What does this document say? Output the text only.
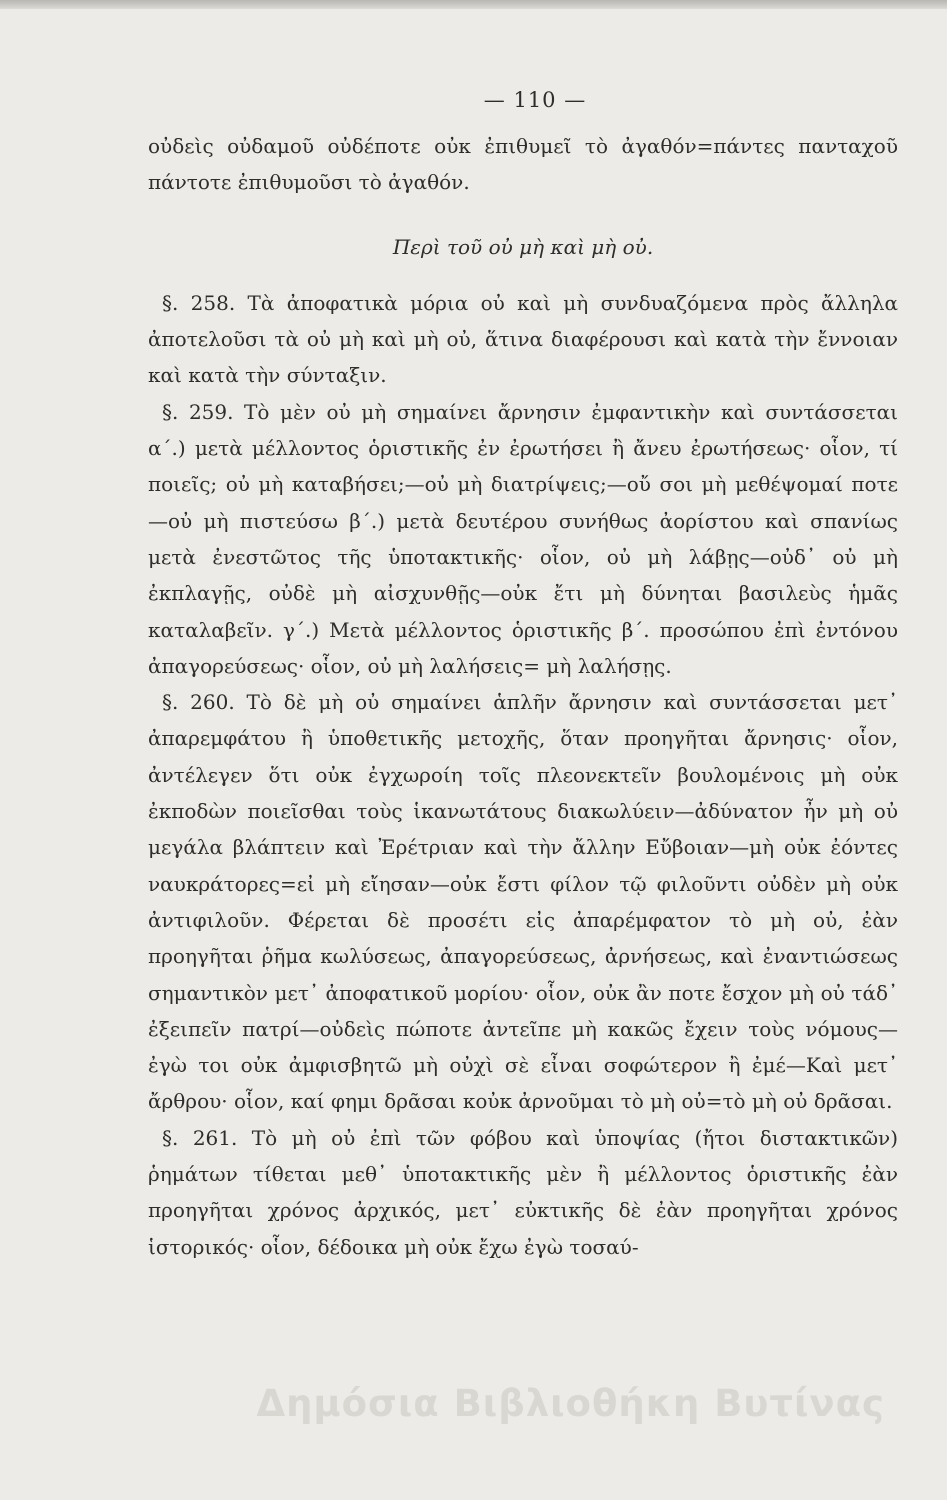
— 110 —

οὐδεὶς οὐδαμοῦ οὐδέποτε οὐκ ἐπιθυμεῖ τὸ ἀγαθόν=πάντες πανταχοῦ πάντοτε ἐπιθυμοῦσι τὸ ἀγαθόν.

Περὶ τοῦ οὐ μὴ καὶ μὴ οὐ.

§. 258. Τὰ ἀποφατικὰ μόρια οὐ καὶ μὴ συνδυαζόμενα πρὸς ἄλληλα ἀποτελοῦσι τὰ οὐ μὴ καὶ μὴ οὐ, ἅτινα διαφέρουσι καὶ κατὰ τὴν ἔννοιαν καὶ κατὰ τὴν σύνταξιν.

§. 259. Τὸ μὲν οὐ μὴ σημαίνει ἄρνησιν ἐμφαντικὴν καὶ συντάσσεται α΄.) μετὰ μέλλοντος ὁριστικῆς ἐν ἐρωτήσει ἢ ἄνευ ἐρωτήσεως· οἷον, τί ποιεῖς; οὐ μὴ καταβήσει;—οὐ μὴ διατρίψεις;—οὔ σοι μὴ μεθέψομαί ποτε—οὐ μὴ πιστεύσω β΄.) μετὰ δευτέρου συνήθως ἀορίστου καὶ σπανίως μετὰ ἐνεστῶτος τῆς ὑποτακτικῆς· οἷον, οὐ μὴ λάβῃς—οὐδ᾽ οὐ μὴ ἐκπλαγῇς, οὐδὲ μὴ αἰσχυνθῇς—οὐκ ἔτι μὴ δύνηται βασιλεὺς ἡμᾶς καταλαβεῖν. γ΄.) Μετὰ μέλλοντος ὁριστικῆς β΄. προσώπου ἐπὶ ἐντόνου ἀπαγορεύσεως· οἷον, οὐ μὴ λαλήσεις= μὴ λαλήσῃς.

§. 260. Τὸ δὲ μὴ οὐ σημαίνει ἁπλῆν ἄρνησιν καὶ συντάσσεται μετ᾽ ἀπαρεμφάτου ἢ ὑποθετικῆς μετοχῆς, ὅταν προηγῆται ἄρνησις· οἷον, ἀντέλεγεν ὅτι οὐκ ἐγχωροίη τοῖς πλεονεκτεῖν βουλομένοις μὴ οὐκ ἐκποδὼν ποιεῖσθαι τοὺς ἱκανωτάτους διακωλύειν—ἀδύνατον ἦν μὴ οὐ μεγάλα βλάπτειν καὶ Ἐρέτριαν καὶ τὴν ἄλλην Εὔβοιαν—μὴ οὐκ ἐόντες ναυκράτορες=εἰ μὴ εἴησαν—οὐκ ἔστι φίλον τῷ φιλοῦντι οὐδὲν μὴ οὐκ ἀντιφιλοῦν. Φέρεται δὲ προσέτι εἰς ἀπαρέμφατον τὸ μὴ οὐ, ἐὰν προηγῆται ῥῆμα κωλύσεως, ἀπαγορεύσεως, ἀρνήσεως, καὶ ἐναντιώσεως σημαντικὸν μετ᾽ ἀποφατικοῦ μορίου· οἷον, οὐκ ἂν ποτε ἔσχον μὴ οὐ τάδ᾽ ἐξειπεῖν πατρί—οὐδεὶς πώποτε ἀντεῖπε μὴ κακῶς ἔχειν τοὺς νόμους—ἐγὼ τοι οὐκ ἀμφισβητῶ μὴ οὐχὶ σὲ εἶναι σοφώτερον ἢ ἐμέ—Καὶ μετ᾽ ἄρθρου· οἷον, καί φημι δρᾶσαι κοὐκ ἀρνοῦμαι τὸ μὴ οὐ=τὸ μὴ οὐ δρᾶσαι.

§. 261. Τὸ μὴ οὐ ἐπὶ τῶν φόβου καὶ ὑποψίας (ἤτοι διστακτικῶν) ῥημάτων τίθεται μεθ᾽ ὑποτακτικῆς μὲν ἢ μέλλοντος ὁριστικῆς ἐὰν προηγῆται χρόνος ἀρχικός, μετ᾽ εὐκτικῆς δὲ ἐὰν προηγῆται χρόνος ἱστορικός· οἷον, δέδοικα μὴ οὐκ ἔχω ἐγὼ τοσαύ-

Δημόσια Βιβλιοθήκη Βυτίνας
